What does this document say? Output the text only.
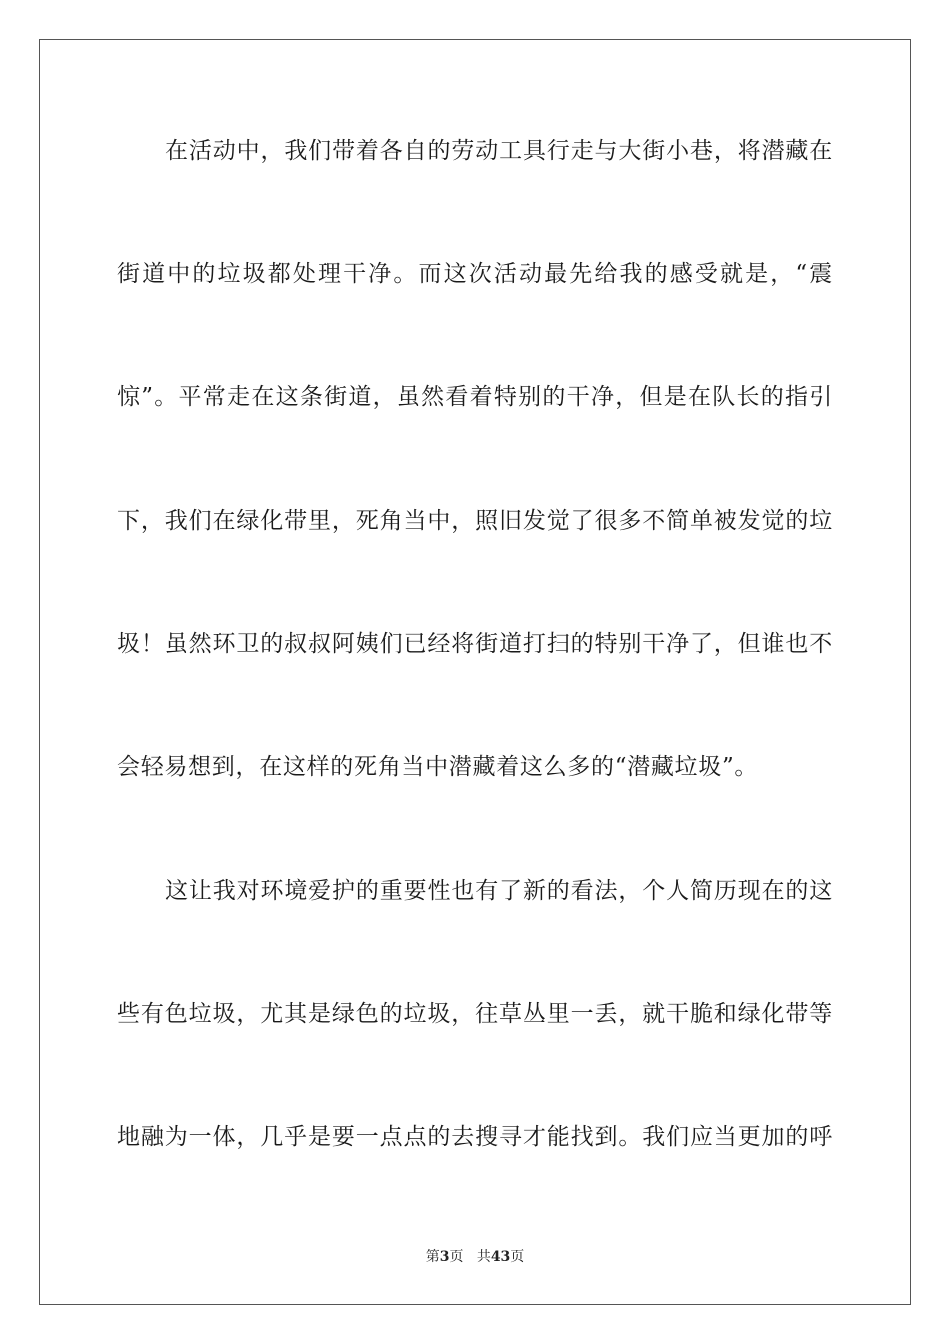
在活动中，我们带着各自的劳动工具行走与大街小巷，将潜藏在
街道中的垃圾都处理干净。而这次活动最先给我的感受就是，“震
惊”。平常走在这条街道，虽然看着特别的干净，但是在队长的指引
下，我们在绿化带里，死角当中，照旧发觉了很多不简单被发觉的垃
圾！虽然环卫的叔叔阿姨们已经将街道打扫的特别干净了，但谁也不
会轻易想到，在这样的死角当中潜藏着这么多的“潜藏垃圾”。
这让我对环境爱护的重要性也有了新的看法，个人简历现在的这
些有色垃圾，尤其是绿色的垃圾，往草丛里一丢，就干脆和绿化带等
地融为一体，几乎是要一点点的去搜寻才能找到。我们应当更加的呼
第3页 共43页
